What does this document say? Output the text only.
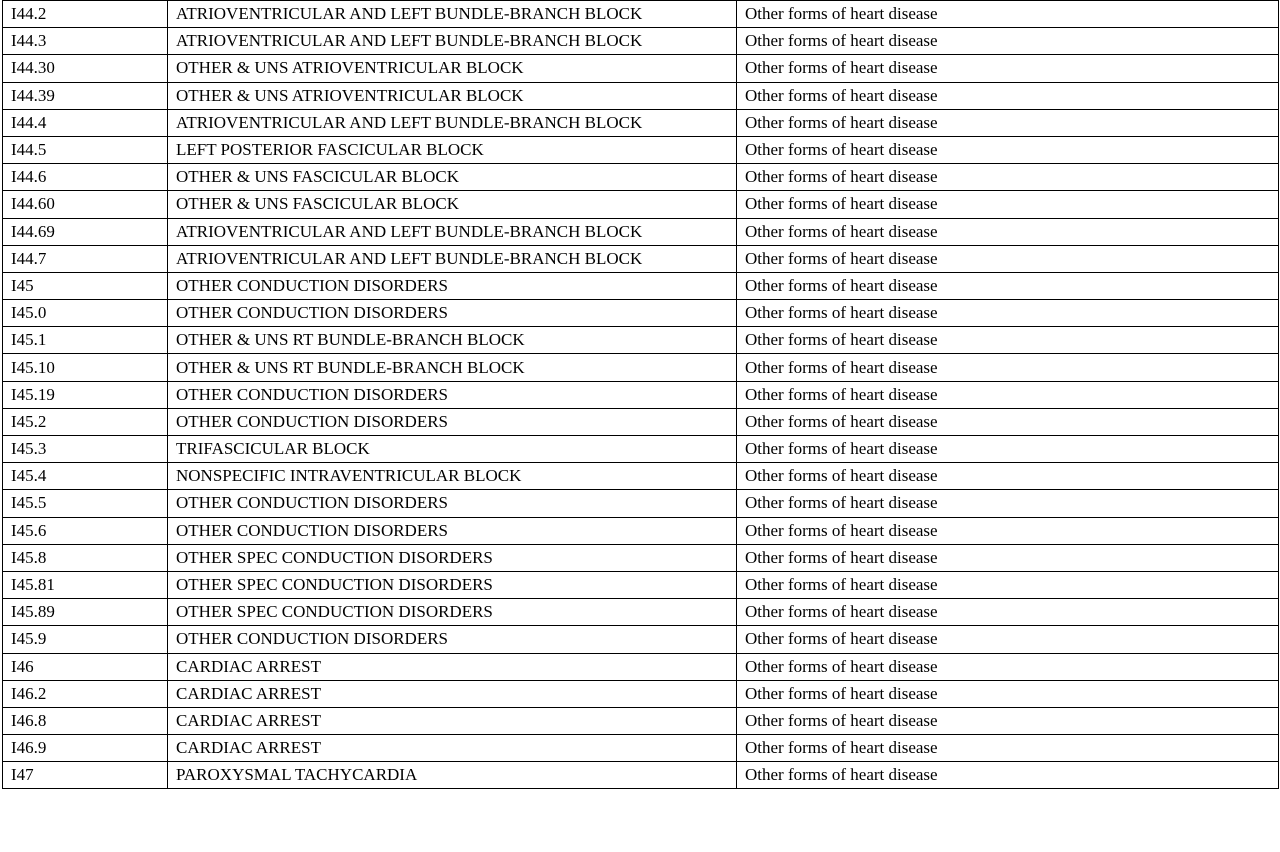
I44.2	ATRIOVENTRICULAR AND LEFT BUNDLE-BRANCH BLOCK	Other forms of heart disease
I44.3	ATRIOVENTRICULAR AND LEFT BUNDLE-BRANCH BLOCK	Other forms of heart disease
I44.30	OTHER & UNS ATRIOVENTRICULAR BLOCK	Other forms of heart disease
I44.39	OTHER & UNS ATRIOVENTRICULAR BLOCK	Other forms of heart disease
I44.4	ATRIOVENTRICULAR AND LEFT BUNDLE-BRANCH BLOCK	Other forms of heart disease
I44.5	LEFT POSTERIOR FASCICULAR BLOCK	Other forms of heart disease
I44.6	OTHER & UNS FASCICULAR BLOCK	Other forms of heart disease
I44.60	OTHER & UNS FASCICULAR BLOCK	Other forms of heart disease
I44.69	ATRIOVENTRICULAR AND LEFT BUNDLE-BRANCH BLOCK	Other forms of heart disease
I44.7	ATRIOVENTRICULAR AND LEFT BUNDLE-BRANCH BLOCK	Other forms of heart disease
I45	OTHER CONDUCTION DISORDERS	Other forms of heart disease
I45.0	OTHER CONDUCTION DISORDERS	Other forms of heart disease
I45.1	OTHER & UNS RT BUNDLE-BRANCH BLOCK	Other forms of heart disease
I45.10	OTHER & UNS RT BUNDLE-BRANCH BLOCK	Other forms of heart disease
I45.19	OTHER CONDUCTION DISORDERS	Other forms of heart disease
I45.2	OTHER CONDUCTION DISORDERS	Other forms of heart disease
I45.3	TRIFASCICULAR BLOCK	Other forms of heart disease
I45.4	NONSPECIFIC INTRAVENTRICULAR BLOCK	Other forms of heart disease
I45.5	OTHER CONDUCTION DISORDERS	Other forms of heart disease
I45.6	OTHER CONDUCTION DISORDERS	Other forms of heart disease
I45.8	OTHER SPEC CONDUCTION DISORDERS	Other forms of heart disease
I45.81	OTHER SPEC CONDUCTION DISORDERS	Other forms of heart disease
I45.89	OTHER SPEC CONDUCTION DISORDERS	Other forms of heart disease
I45.9	OTHER CONDUCTION DISORDERS	Other forms of heart disease
I46	CARDIAC ARREST	Other forms of heart disease
I46.2	CARDIAC ARREST	Other forms of heart disease
I46.8	CARDIAC ARREST	Other forms of heart disease
I46.9	CARDIAC ARREST	Other forms of heart disease
I47	PAROXYSMAL TACHYCARDIA	Other forms of heart disease
